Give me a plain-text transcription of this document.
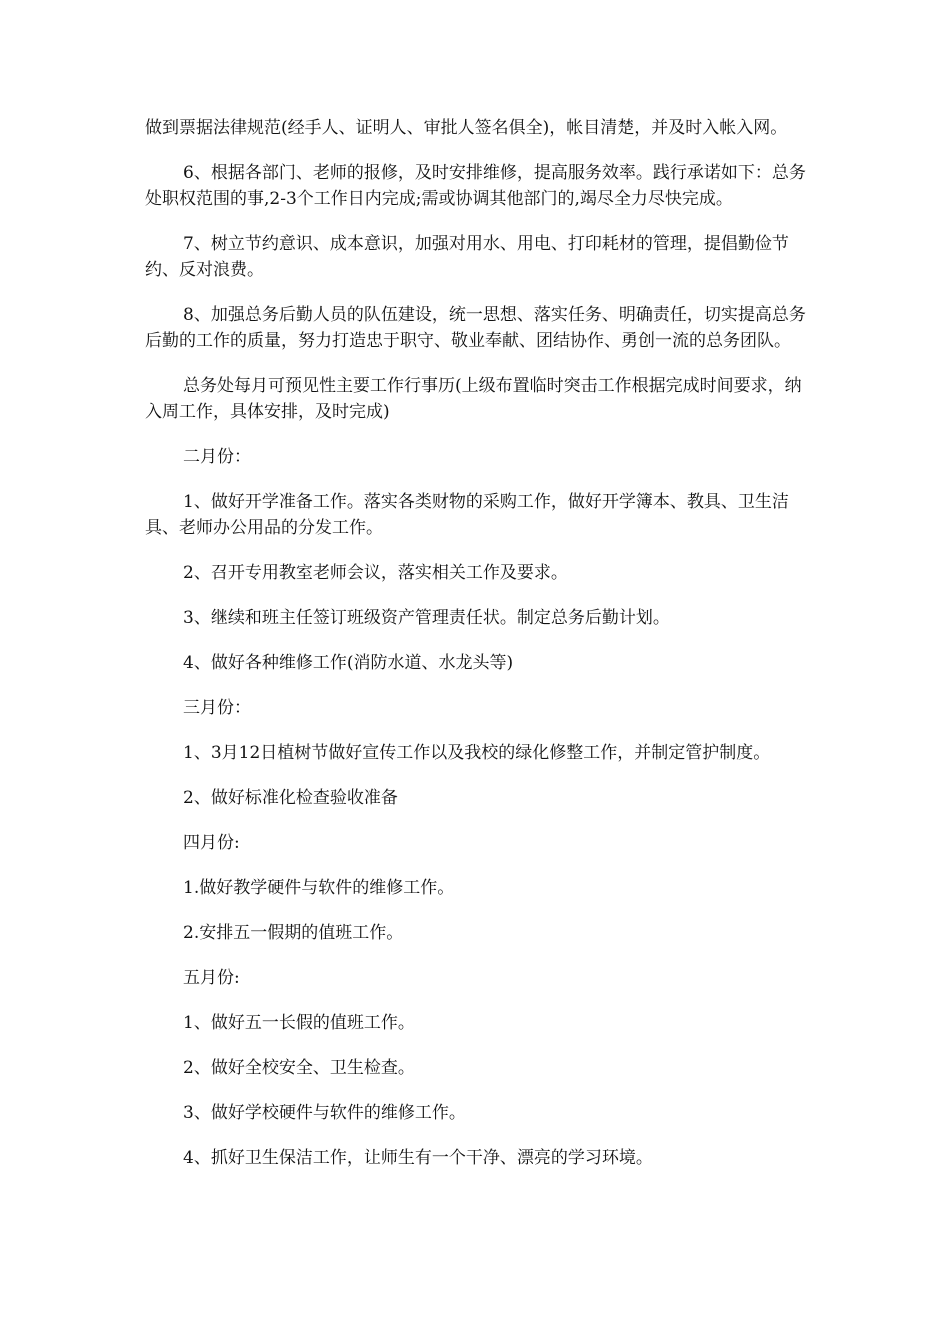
做到票据法律规范(经手人、证明人、审批人签名俱全)，帐目清楚，并及时入帐入网。

6、根据各部门、老师的报修，及时安排维修，提高服务效率。践行承诺如下：总务处职权范围的事,2-3个工作日内完成;需或协调其他部门的,竭尽全力尽快完成。

7、树立节约意识、成本意识，加强对用水、用电、打印耗材的管理，提倡勤俭节约、反对浪费。

8、加强总务后勤人员的队伍建设，统一思想、落实任务、明确责任，切实提高总务后勤的工作的质量，努力打造忠于职守、敬业奉献、团结协作、勇创一流的总务团队。

总务处每月可预见性主要工作行事历(上级布置临时突击工作根据完成时间要求，纳入周工作，具体安排，及时完成)

二月份：

1、做好开学准备工作。落实各类财物的采购工作，做好开学簿本、教具、卫生洁具、老师办公用品的分发工作。

2、召开专用教室老师会议，落实相关工作及要求。

3、继续和班主任签订班级资产管理责任状。制定总务后勤计划。

4、做好各种维修工作(消防水道、水龙头等)

三月份：

1、3月12日植树节做好宣传工作以及我校的绿化修整工作，并制定管护制度。

2、做好标准化检查验收准备

四月份:

1.做好教学硬件与软件的维修工作。

2.安排五一假期的值班工作。

五月份:

1、做好五一长假的值班工作。

2、做好全校安全、卫生检查。

3、做好学校硬件与软件的维修工作。

4、抓好卫生保洁工作，让师生有一个干净、漂亮的学习环境。
